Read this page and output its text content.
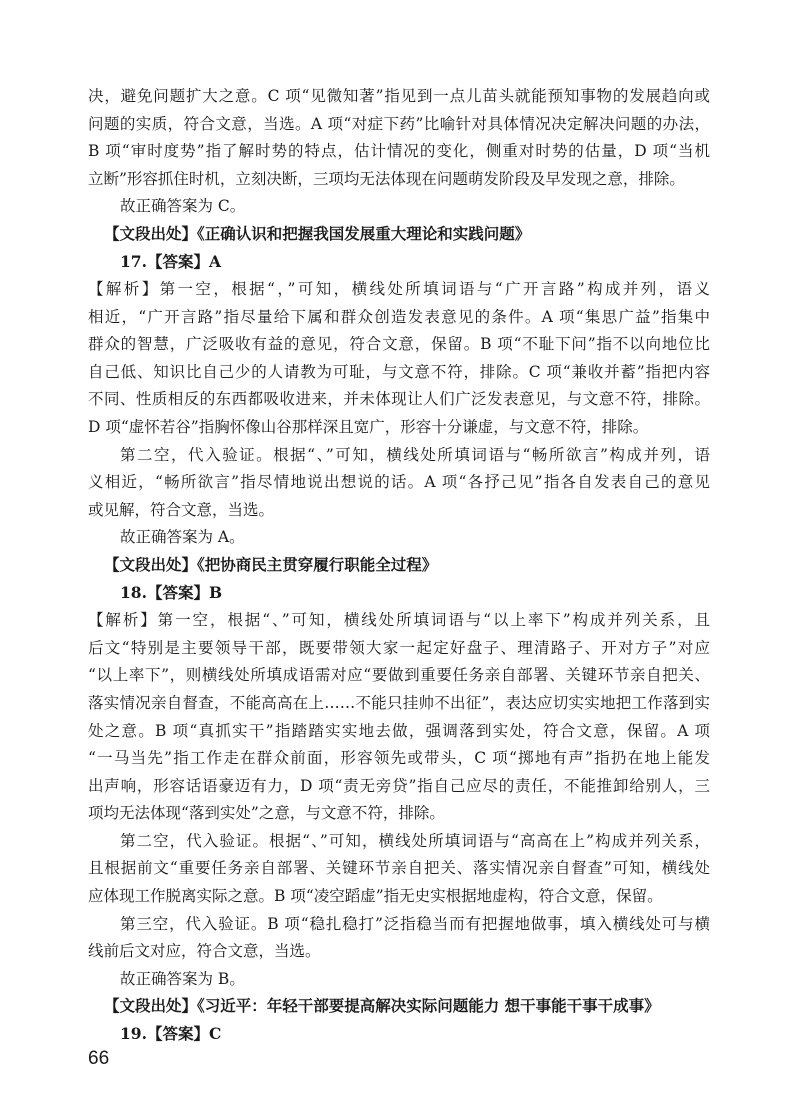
决，避免问题扩大之意。C 项“见微知著”指见到一点儿苗头就能预知事物的发展趋向或
问题的实质，符合文意，当选。A 项“对症下药”比喻针对具体情况决定解决问题的办法，
B 项“审时度势”指了解时势的特点，估计情况的变化，侧重对时势的估量，D 项“当机
立断”形容抓住时机，立刻决断，三项均无法体现在问题萌发阶段及早发现之意，排除。
故正确答案为 C。
【文段出处】《正确认识和把握我国发展重大理论和实践问题》
17.【答案】A
【解析】第一空，根据“，”可知，横线处所填词语与“广开言路”构成并列，语义
相近，“广开言路”指尽量给下属和群众创造发表意见的条件。A 项“集思广益”指集中
群众的智慧，广泛吸收有益的意见，符合文意，保留。B 项“不耻下问”指不以向地位比
自己低、知识比自己少的人请教为可耻，与文意不符，排除。C 项“兼收并蓄”指把内容
不同、性质相反的东西都吸收进来，并未体现让人们广泛发表意见，与文意不符，排除。
D 项“虚怀若谷”指胸怀像山谷那样深且宽广，形容十分谦虚，与文意不符，排除。
第二空，代入验证。根据“、”可知，横线处所填词语与“畅所欲言”构成并列，语
义相近，“畅所欲言”指尽情地说出想说的话。A 项“各抒己见”指各自发表自己的意见
或见解，符合文意，当选。
故正确答案为 A。
【文段出处】《把协商民主贯穿履行职能全过程》
18.【答案】B
【解析】第一空，根据“、”可知，横线处所填词语与“以上率下”构成并列关系，且
后文“特别是主要领导干部，既要带领大家一起定好盘子、理清路子、开对方子”对应
“以上率下”，则横线处所填成语需对应“要做到重要任务亲自部署、关键环节亲自把关、
落实情况亲自督查，不能高高在上……不能只挂帅不出征”，表达应切实实地把工作落到实
处之意。B 项“真抓实干”指踏踏实实地去做，强调落到实处，符合文意，保留。A 项
“一马当先”指工作走在群众前面，形容领先或带头，C 项“掷地有声”指扔在地上能发
出声响，形容话语豪迈有力，D 项“责无旁贷”指自己应尽的责任，不能推卸给别人，三
项均无法体现“落到实处”之意，与文意不符，排除。
第二空，代入验证。根据“、”可知，横线处所填词语与“高高在上”构成并列关系，
且根据前文“重要任务亲自部署、关键环节亲自把关、落实情况亲自督查”可知，横线处
应体现工作脱离实际之意。B 项“凌空蹈虚”指无史实根据地虚构，符合文意，保留。
第三空，代入验证。B 项“稳扎稳打”泛指稳当而有把握地做事，填入横线处可与横
线前后文对应，符合文意，当选。
66
故正确答案为 B。
【文段出处】《习近平：年轻干部要提高解决实际问题能力 想干事能干事干成事》
19.【答案】C
